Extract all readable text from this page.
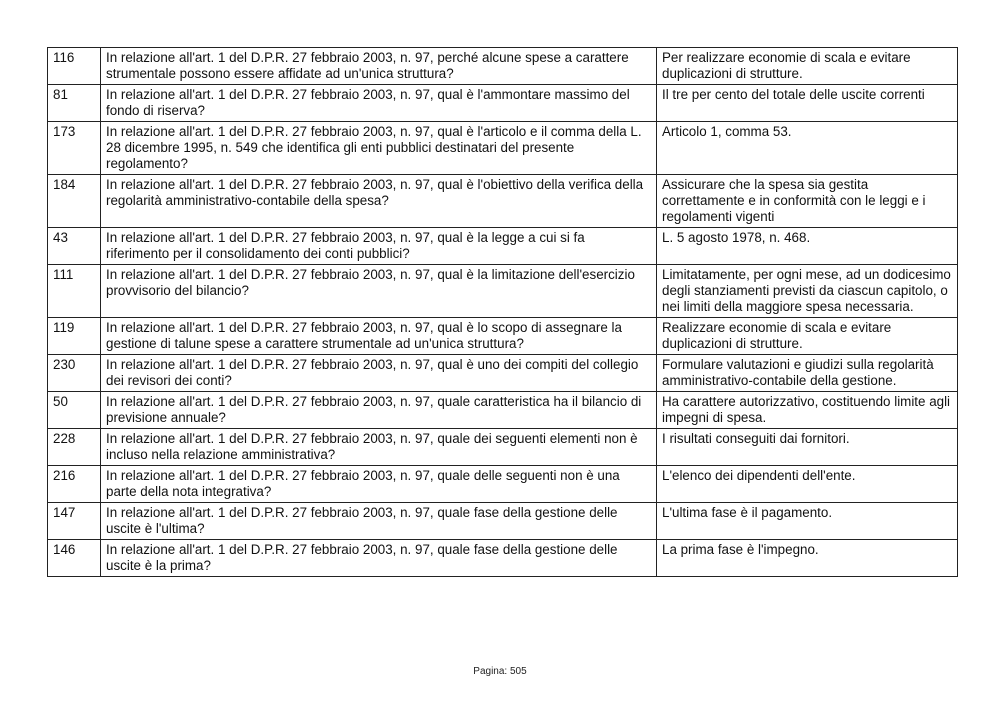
116	In relazione all'art. 1 del D.P.R. 27 febbraio 2003, n. 97, perché alcune spese a carattere strumentale possono essere affidate ad un'unica struttura?	Per realizzare economie di scala e evitare duplicazioni di strutture.
81	In relazione all'art. 1 del D.P.R. 27 febbraio 2003, n. 97, qual è l'ammontare massimo del fondo di riserva?	Il tre per cento del totale delle uscite correnti
173	In relazione all'art. 1 del D.P.R. 27 febbraio 2003, n. 97, qual è l'articolo e il comma della L. 28 dicembre 1995, n. 549 che identifica gli enti pubblici destinatari del presente regolamento?	Articolo 1, comma 53.
184	In relazione all'art. 1 del D.P.R. 27 febbraio 2003, n. 97, qual è l'obiettivo della verifica della regolarità amministrativo-contabile della spesa?	Assicurare che la spesa sia gestita correttamente e in conformità con le leggi e i regolamenti vigenti
43	In relazione all'art. 1 del D.P.R. 27 febbraio 2003, n. 97, qual è la legge a cui si fa riferimento per il consolidamento dei conti pubblici?	L. 5 agosto 1978, n. 468.
111	In relazione all'art. 1 del D.P.R. 27 febbraio 2003, n. 97, qual è la limitazione dell'esercizio provvisorio del bilancio?	Limitatamente, per ogni mese, ad un dodicesimo degli stanziamenti previsti da ciascun capitolo, o nei limiti della maggiore spesa necessaria.
119	In relazione all'art. 1 del D.P.R. 27 febbraio 2003, n. 97, qual è lo scopo di assegnare la gestione di talune spese a carattere strumentale ad un'unica struttura?	Realizzare economie di scala e evitare duplicazioni di strutture.
230	In relazione all'art. 1 del D.P.R. 27 febbraio 2003, n. 97, qual è uno dei compiti del collegio dei revisori dei conti?	Formulare valutazioni e giudizi sulla regolarità amministrativo-contabile della gestione.
50	In relazione all'art. 1 del D.P.R. 27 febbraio 2003, n. 97, quale caratteristica ha il bilancio di previsione annuale?	Ha carattere autorizzativo, costituendo limite agli impegni di spesa.
228	In relazione all'art. 1 del D.P.R. 27 febbraio 2003, n. 97, quale dei seguenti elementi non è incluso nella relazione amministrativa?	I risultati conseguiti dai fornitori.
216	In relazione all'art. 1 del D.P.R. 27 febbraio 2003, n. 97, quale delle seguenti non è una parte della nota integrativa?	L'elenco dei dipendenti dell'ente.
147	In relazione all'art. 1 del D.P.R. 27 febbraio 2003, n. 97, quale fase della gestione delle uscite è l'ultima?	L'ultima fase è il pagamento.
146	In relazione all'art. 1 del D.P.R. 27 febbraio 2003, n. 97, quale fase della gestione delle uscite è la prima?	La prima fase è l'impegno.
Pagina: 505
